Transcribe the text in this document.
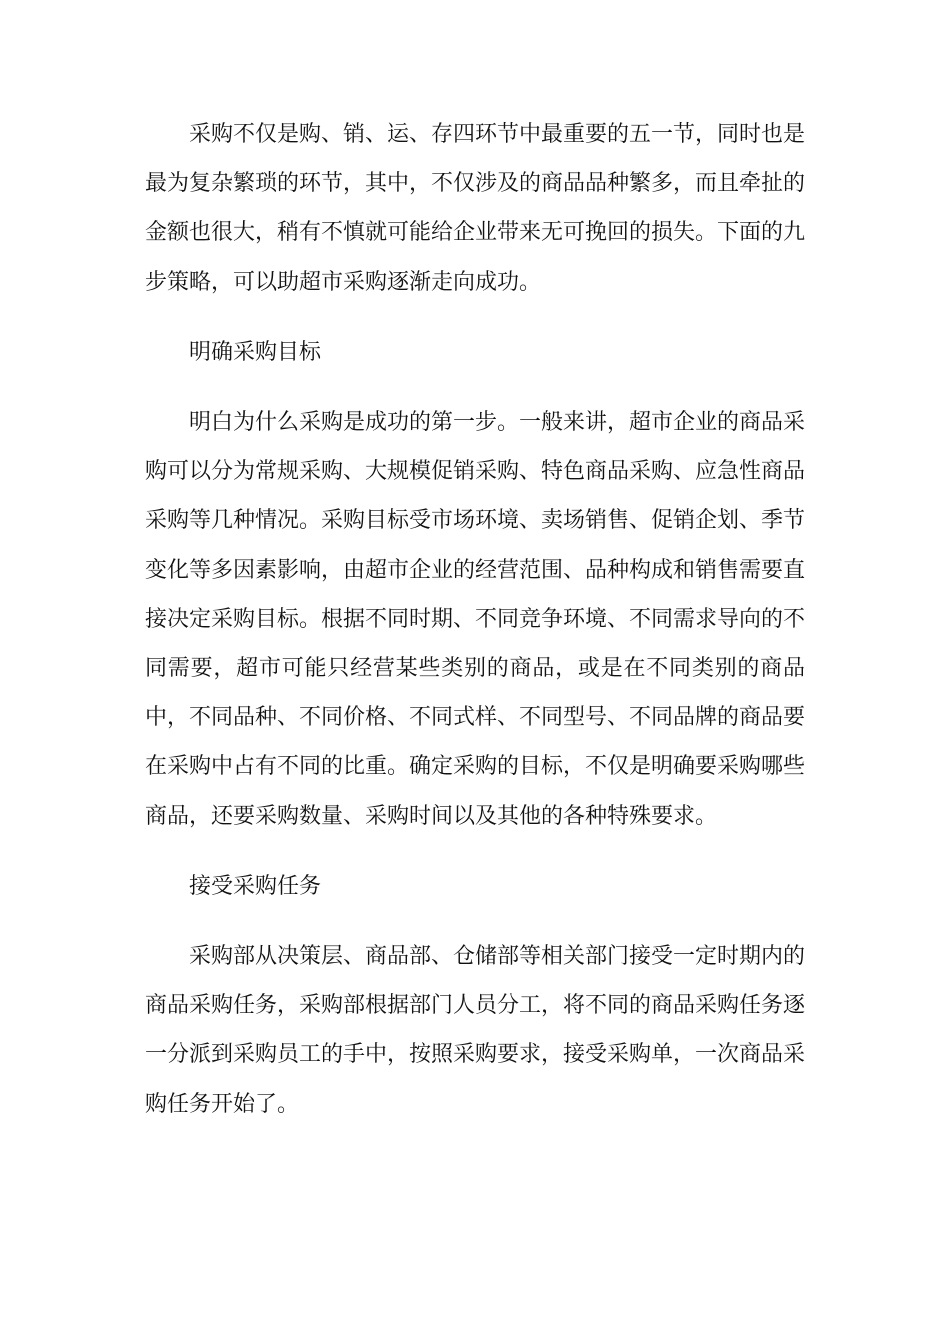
采购不仅是购、销、运、存四环节中最重要的五一节，同时也是最为复杂繁琐的环节，其中，不仅涉及的商品品种繁多，而且牵扯的金额也很大，稍有不慎就可能给企业带来无可挽回的损失。下面的九步策略，可以助超市采购逐渐走向成功。

明确采购目标

明白为什么采购是成功的第一步。一般来讲，超市企业的商品采购可以分为常规采购、大规模促销采购、特色商品采购、应急性商品采购等几种情况。采购目标受市场环境、卖场销售、促销企划、季节变化等多因素影响，由超市企业的经营范围、品种构成和销售需要直接决定采购目标。根据不同时期、不同竞争环境、不同需求导向的不同需要，超市可能只经营某些类别的商品，或是在不同类别的商品中，不同品种、不同价格、不同式样、不同型号、不同品牌的商品要在采购中占有不同的比重。确定采购的目标，不仅是明确要采购哪些商品，还要采购数量、采购时间以及其他的各种特殊要求。

接受采购任务

采购部从决策层、商品部、仓储部等相关部门接受一定时期内的商品采购任务，采购部根据部门人员分工，将不同的商品采购任务逐一分派到采购员工的手中，按照采购要求，接受采购单，一次商品采购任务开始了。
